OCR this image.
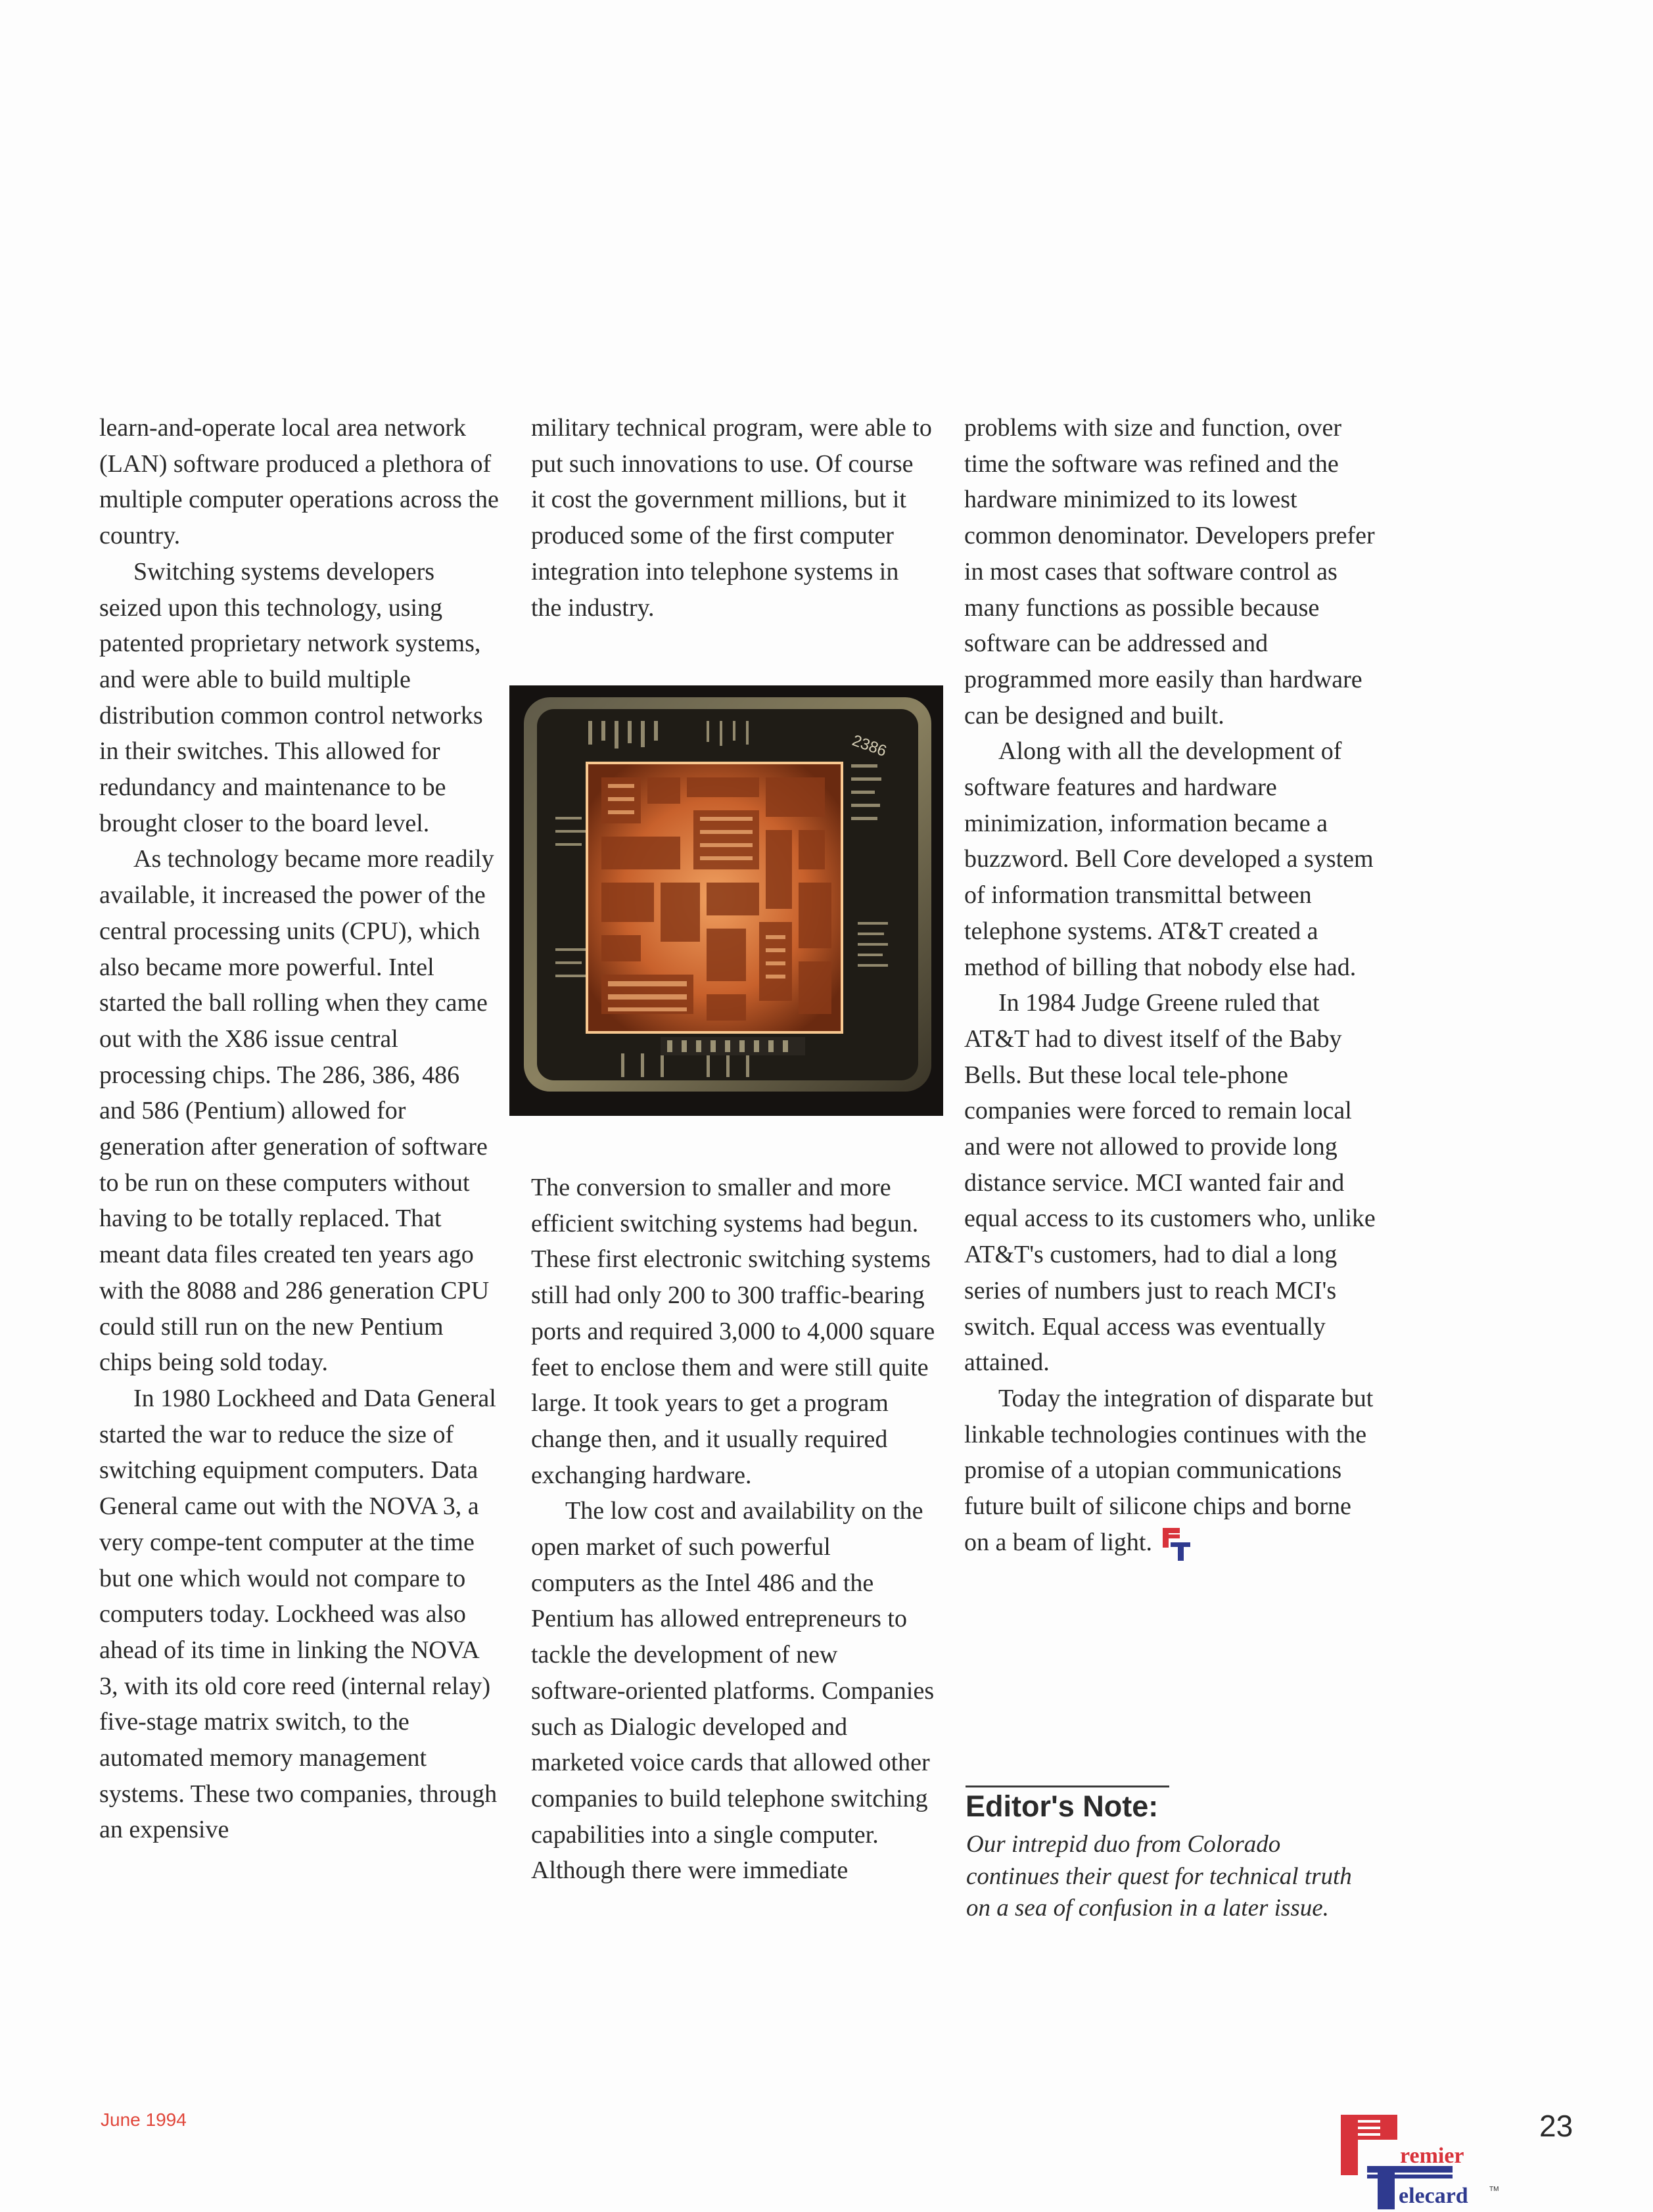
learn-and-operate local area network (LAN) software produced a plethora of multiple computer operations across the country.

Switching systems developers seized upon this technology, using patented proprietary network systems, and were able to build multiple distribution common control networks in their switches. This allowed for redundancy and maintenance to be brought closer to the board level.

As technology became more readily available, it increased the power of the central processing units (CPU), which also became more powerful. Intel started the ball rolling when they came out with the X86 issue central processing chips. The 286, 386, 486 and 586 (Pentium) allowed for generation after generation of software to be run on these computers without having to be totally replaced. That meant data files created ten years ago with the 8088 and 286 generation CPU could still run on the new Pentium chips being sold today.

In 1980 Lockheed and Data General started the war to reduce the size of switching equipment computers. Data General came out with the NOVA 3, a very compe-tent computer at the time but one which would not compare to computers today. Lockheed was also ahead of its time in linking the NOVA 3, with its old core reed (internal relay) five-stage matrix switch, to the automated memory management systems. These two companies, through an expensive

military technical program, were able to put such innovations to use. Of course it cost the government millions, but it produced some of the first computer integration into telephone systems in the industry.

2386

The conversion to smaller and more efficient switching systems had begun. These first electronic switching systems still had only 200 to 300 traffic-bearing ports and required 3,000 to 4,000 square feet to enclose them and were still quite large. It took years to get a program change then, and it usually required exchanging hardware.

The low cost and availability on the open market of such powerful computers as the Intel 486 and the Pentium has allowed entrepreneurs to tackle the development of new software-oriented platforms. Companies such as Dialogic developed and marketed voice cards that allowed other companies to build telephone switching capabilities into a single computer. Although there were immediate

problems with size and function, over time the software was refined and the hardware minimized to its lowest common denominator. Developers prefer in most cases that software control as many functions as possible because software can be addressed and programmed more easily than hardware can be designed and built.

Along with all the development of software features and hardware minimization, information became a buzzword. Bell Core developed a system of information transmittal between telephone systems. AT&T created a method of billing that nobody else had.

In 1984 Judge Greene ruled that AT&T had to divest itself of the Baby Bells. But these local tele-phone companies were forced to remain local and were not allowed to provide long distance service. MCI wanted fair and equal access to its customers who, unlike AT&T's customers, had to dial a long series of numbers just to reach MCI's switch. Equal access was eventually attained.

Today the integration of disparate but linkable technologies continues with the promise of a utopian communications future built of silicone chips and borne on a beam of light.

Editor's Note:
Our intrepid duo from Colorado continues their quest for technical truth on a sea of confusion in a later issue.
June 1994
remier
elecard	TM
23
